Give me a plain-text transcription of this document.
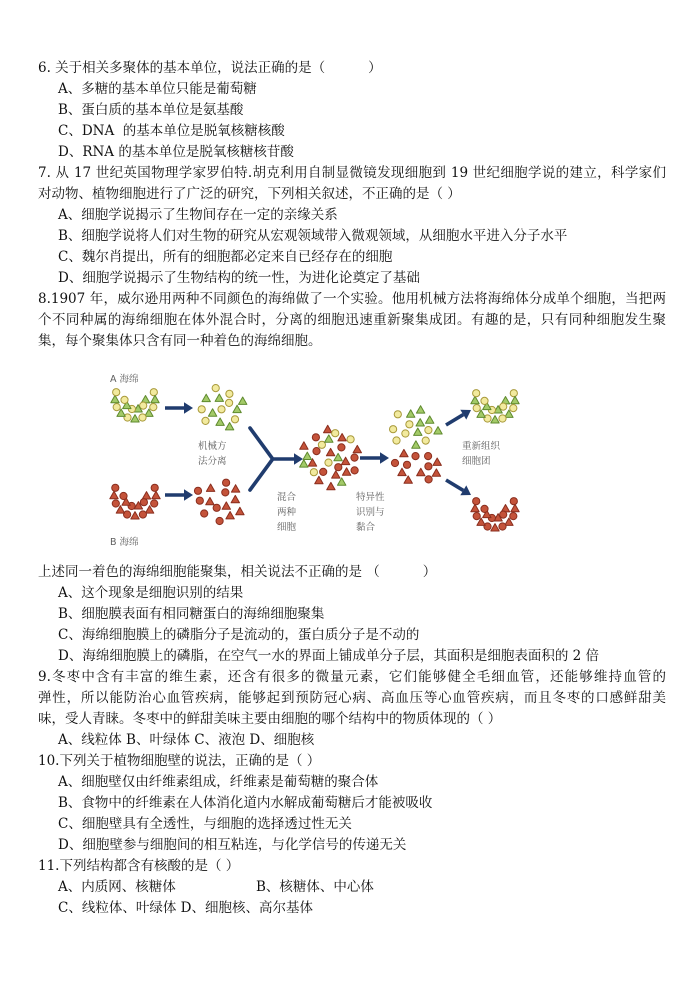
6. 关于相关多聚体的基本单位，说法正确的是（          ）
A、多糖的基本单位只能是葡萄糖
B、蛋白质的基本单位是氨基酸
C、DNA  的基本单位是脱氧核糖核酸
D、RNA 的基本单位是脱氧核糖核苷酸
7. 从 17 世纪英国物理学家罗伯特.胡克利用自制显微镜发现细胞到 19 世纪细胞学说的建立，科学家们
对动物、植物细胞进行了广泛的研究，下列相关叙述，不正确的是（ ）
A、细胞学说揭示了生物间存在一定的亲缘关系
B、细胞学说将人们对生物的研究从宏观领域带入微观领域，从细胞水平进入分子水平
C、魏尔肖提出，所有的细胞都必定来自已经存在的细胞
D、细胞学说揭示了生物结构的统一性，为进化论奠定了基础
8.1907 年，威尔逊用两种不同颜色的海绵做了一个实验。他用机械方法将海绵体分成单个细胞，当把两
个不同种属的海绵细胞在体外混合时，分离的细胞迅速重新聚集成团。有趣的是，只有同种细胞发生聚
集，每个聚集体只含有同一种着色的海绵细胞。
A 海绵
B 海绵
机械方
法分离
混合
两种
细胞
特异性
识别与
黏合
重新组织
细胞团
上述同一着色的海绵细胞能聚集，相关说法不正确的是 （          ）
A、这个现象是细胞识别的结果
B、细胞膜表面有相同糖蛋白的海绵细胞聚集
C、海绵细胞膜上的磷脂分子是流动的，蛋白质分子是不动的
D、海绵细胞膜上的磷脂，在空气一水的界面上铺成单分子层，其面积是细胞表面积的 2 倍
9.冬枣中含有丰富的维生素，还含有很多的微量元素，它们能够健全毛细血管，还能够维持血管的
弹性，所以能防治心血管疾病，能够起到预防冠心病、高血压等心血管疾病，而且冬枣的口感鲜甜美
味，受人青睐。冬枣中的鲜甜美味主要由细胞的哪个结构中的物质体现的（ ）
A、线粒体 B、叶绿体 C、液泡 D、细胞核
10.下列关于植物细胞壁的说法，正确的是（ ）
A、细胞壁仅由纤维素组成，纤维素是葡萄糖的聚合体
B、食物中的纤维素在人体消化道内水解成葡萄糖后才能被吸收
C、细胞壁具有全透性，与细胞的选择透过性无关
D、细胞壁参与细胞间的相互粘连，与化学信号的传递无关
11.下列结构都含有核酸的是（ ）
A、内质网、核糖体	B、核糖体、中心体
C、线粒体、叶绿体 D、细胞核、高尔基体
